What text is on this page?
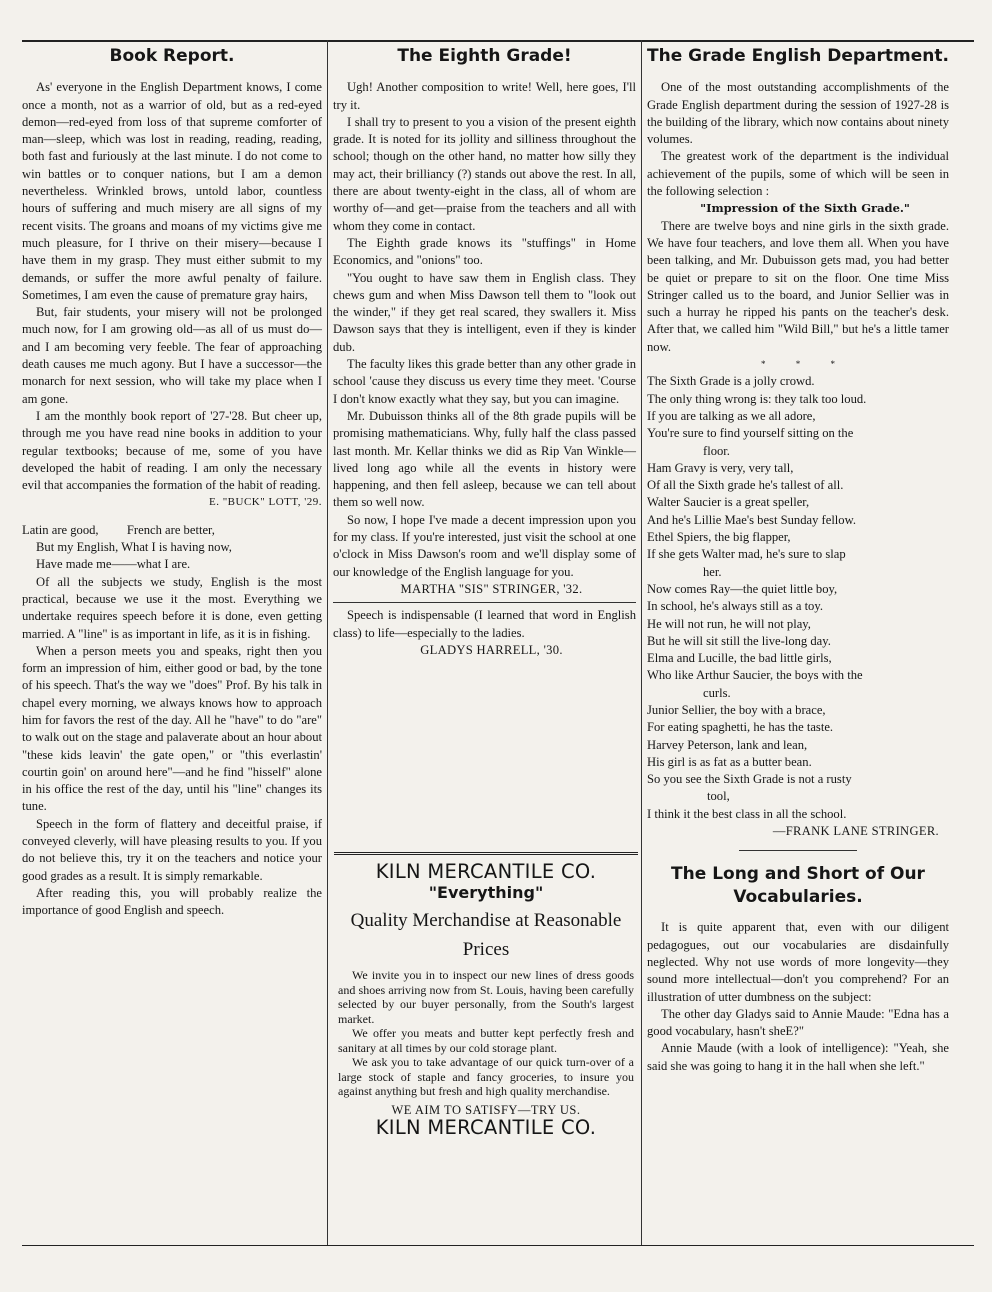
Book Report.

As' everyone in the English Department knows, I come once a month, not as a warrior of old, but as a red-eyed demon—red-eyed from loss of that supreme comforter of man—sleep, which was lost in reading, reading, reading, both fast and furiously at the last minute. I do not come to win battles or to conquer nations, but I am a demon nevertheless. Wrinkled brows, untold labor, countless hours of suffering and much misery are all signs of my recent visits. The groans and moans of my victims give me much pleasure, for I thrive on their misery—because I have them in my grasp. They must either submit to my demands, or suffer the more awful penalty of failure. Sometimes, I am even the cause of premature gray hairs,

But, fair students, your misery will not be prolonged much now, for I am growing old—as all of us must do—and I am becoming very feeble. The fear of approaching death causes me much agony. But I have a successor—the monarch for next session, who will take my place when I am gone.

I am the monthly book report of '27-'28. But cheer up, through me you have read nine books in addition to your regular textbooks; because of me, some of you have developed the habit of reading. I am only the necessary evil that accompanies the formation of the habit of reading.

E. "BUCK" LOTT, '29.

Latin are good,         French are better,
But my English, What I is having now,
Have made me——what I are.

Of all the subjects we study, English is the most practical, because we use it the most. Everything we undertake requires speech before it is done, even getting married. A "line" is as important in life, as it is in fishing.

When a person meets you and speaks, right then you form an impression of him, either good or bad, by the tone of his speech. That's the way we "does" Prof. By his talk in chapel every morning, we always knows how to approach him for favors the rest of the day. All he "have" to do "are" to walk out on the stage and palaverate about an hour about "these kids leavin' the gate open," or "this everlastin' courtin goin' on around here"—and he find "hisself" alone in his office the rest of the day, until his "line" changes its tune.

Speech in the form of flattery and deceitful praise, if conveyed cleverly, will have pleasing results to you. If you do not believe this, try it on the teachers and notice your good grades as a result. It is simply remarkable.

After reading this, you will probably realize the importance of good English and speech.

The Eighth Grade!

Ugh! Another composition to write! Well, here goes, I'll try it.

I shall try to present to you a vision of the present eighth grade. It is noted for its jollity and silliness throughout the school; though on the other hand, no matter how silly they may act, their brilliancy (?) stands out above the rest. In all, there are about twenty-eight in the class, all of whom are worthy of—and get—praise from the teachers and all with whom they come in contact.

The Eighth grade knows its "stuffings" in Home Economics, and "onions" too.

"You ought to have saw them in English class. They chews gum and when Miss Dawson tell them to "look out the winder," if they get real scared, they swallers it. Miss Dawson says that they is intelligent, even if they is kinder dub.

The faculty likes this grade better than any other grade in school 'cause they discuss us every time they meet. 'Course I don't know exactly what they say, but you can imagine.

Mr. Dubuisson thinks all of the 8th grade pupils will be promising mathematicians. Why, fully half the class passed last month. Mr. Kellar thinks we did as Rip Van Winkle—lived long ago while all the events in history were happening, and then fell asleep, because we can tell about them so well now.

So now, I hope I've made a decent impression upon you for my class. If you're interested, just visit the school at one o'clock in Miss Dawson's room and we'll display some of our knowledge of the English language for you.

MARTHA "SIS" STRINGER, '32.

Speech is indispensable (I learned that word in English class) to life—especially to the ladies.

GLADYS HARRELL, '30.

KILN MERCANTILE CO.
"Everything"
Quality Merchandise at Reasonable Prices

We invite you in to inspect our new lines of dress goods and shoes arriving now from St. Louis, having been carefully selected by our buyer personally, from the South's largest market.

We offer you meats and butter kept perfectly fresh and sanitary at all times by our cold storage plant.

We ask you to take advantage of our quick turn-over of a large stock of staple and fancy groceries, to insure you against anything but fresh and high quality merchandise.

WE AIM TO SATISFY—TRY US.
KILN MERCANTILE CO.
The Grade English Department.

One of the most outstanding accomplishments of the Grade English department during the session of 1927-28 is the building of the library, which now contains about ninety volumes.

The greatest work of the department is the individual achievement of the pupils, some of which will be seen in the following selection :

"Impression of the Sixth Grade."

There are twelve boys and nine girls in the sixth grade. We have four teachers, and love them all. When you have been talking, and Mr. Dubuisson gets mad, you had better be quiet or prepare to sit on the floor. One time Miss Stringer called us to the board, and Junior Sellier was in such a hurray he ripped his pants on the teacher's desk. After that, we called him "Wild Bill," but he's a little tamer now.

* * *

The Sixth Grade is a jolly crowd.
The only thing wrong is: they talk too loud.
If you are talking as we all adore,
You're sure to find yourself sitting on the
floor.
Ham Gravy is very, very tall,
Of all the Sixth grade he's tallest of all.
Walter Saucier is a great speller,
And he's Lillie Mae's best Sunday fellow.
Ethel Spiers, the big flapper,
If she gets Walter mad, he's sure to slap
her.
Now comes Ray—the quiet little boy,
In school, he's always still as a toy.
He will not run, he will not play,
But he will sit still the live-long day.
Elma and Lucille, the bad little girls,
Who like Arthur Saucier, the boys with the
curls.
Junior Sellier, the boy with a brace,
For eating spaghetti, he has the taste.
Harvey Peterson, lank and lean,
His girl is as fat as a butter bean.
So you see the Sixth Grade is not a rusty
tool,
I think it the best class in all the school.

—FRANK LANE STRINGER.

The Long and Short of Our Vocabularies.

It is quite apparent that, even with our diligent pedagogues, out our vocabularies are disdainfully neglected. Why not use words of more longevity—they sound more intellectual—don't you comprehend? For an illustration of utter dumbness on the subject:

The other day Gladys said to Annie Maude: "Edna has a good vocabulary, hasn't sheE?"

Annie Maude (with a look of intelligence): "Yeah, she said she was going to hang it in the hall when she left."
